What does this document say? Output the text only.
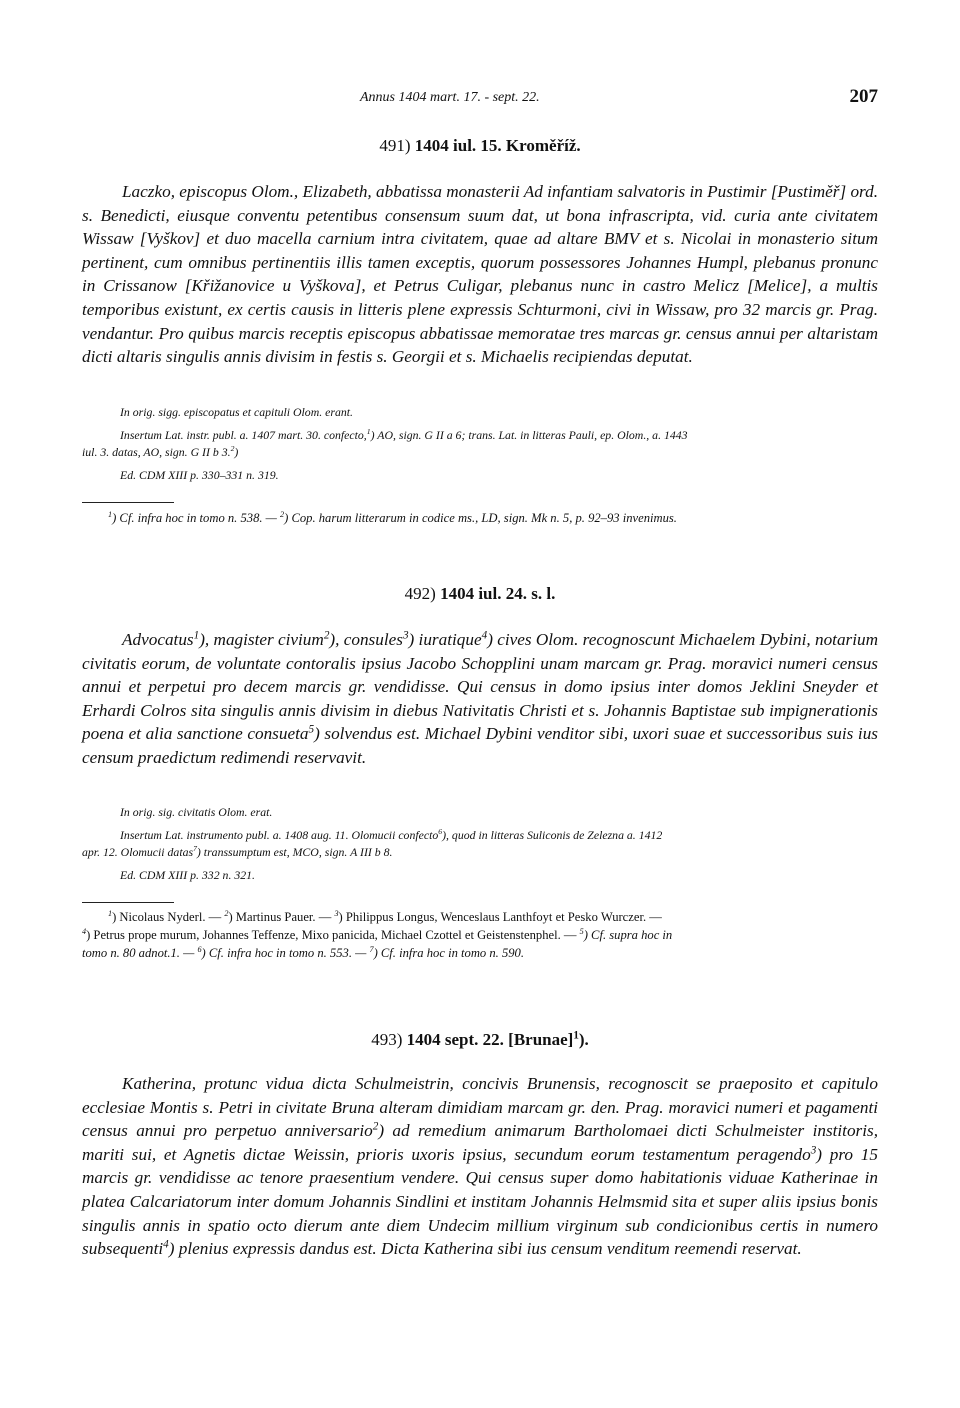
Annus 1404 mart. 17. - sept. 22.	207
491) 1404 iul. 15. Kroměříž.

Laczko, episcopus Olom., Elizabeth, abbatissa monasterii Ad infantiam salvatoris in Pustimir [Pustiměř] ord. s. Benedicti, eiusque conventu petentibus consensum suum dat, ut bona infrascripta, vid. curia ante civitatem Wissaw [Vyškov] et duo macella carnium intra civitatem, quae ad altare BMV et s. Nicolai in monasterio situm pertinent, cum omnibus pertinentiis illis tamen exceptis, quorum possessores Johannes Humpl, plebanus pronunc in Crissanow [Křižanovice u Vyškova], et Petrus Culigar, plebanus nunc in castro Melicz [Melice], a multis temporibus existunt, ex certis causis in litteris plene expressis Schturmoni, civi in Wissaw, pro 32 marcis gr. Prag. vendantur. Pro quibus marcis receptis episcopus abbatissae memoratae tres marcas gr. census annui per altaristam dicti altaris singulis annis divisim in festis s. Georgii et s. Michaelis recipiendas deputat.

In orig. sigg. episcopatus et capituli Olom. erant.

Insertum Lat. instr. publ. a. 1407 mart. 30. confecto,$^1$) AO, sign. G II a 6; trans. Lat. in litteras Pauli, ep. Olom., a. 1443
iul. 3. datas, AO, sign. G II b 3.$^2$)

Ed. CDM XIII p. 330–331 n. 319.

$^1$) Cf. infra hoc in tomo n. 538. — $^2$) Cop. harum litterarum in codice ms., LD, sign. Mk n. 5, p. 92–93 invenimus.

492) 1404 iul. 24. s. l.

Advocatus$^1$), magister civium$^2$), consules$^3$) iuratique$^4$) cives Olom. recognoscunt Michaelem Dybini, notarium civitatis eorum, de voluntate contoralis ipsius Jacobo Schopplini unam marcam gr. Prag. moravici numeri census annui et perpetui pro decem marcis gr. vendidisse. Qui census in domo ipsius inter domos Jeklini Sneyder et Erhardi Colros sita singulis annis divisim in diebus Nativitatis Christi et s. Johannis Baptistae sub impignerationis poena et alia sanctione consueta$^5$) solvendus est. Michael Dybini venditor sibi, uxori suae et successoribus suis ius censum praedictum redimendi reservavit.

In orig. sig. civitatis Olom. erat.

Insertum Lat. instrumento publ. a. 1408 aug. 11. Olomucii confecto$^6$), quod in litteras Suliconis de Zelezna a. 1412
apr. 12. Olomucii datas$^7$) transsumptum est, MCO, sign. A III b 8.

Ed. CDM XIII p. 332 n. 321.

$^1$) Nicolaus Nyderl. — $^2$) Martinus Pauer. — $^3$) Philippus Longus, Wenceslaus Lanthfoyt et Pesko Wurczer. —

$^4$) Petrus prope murum, Johannes Teffenze, Mixo panicida, Michael Czottel et Geistenstenphel. — $^5$) Cf. supra hoc in
tomo n. 80 adnot.1. — $^6$) Cf. infra hoc in tomo n. 553. — $^7$) Cf. infra hoc in tomo n. 590.

493) 1404 sept. 22. [Brunae]$^1$).

Katherina, protunc vidua dicta Schulmeistrin, concivis Brunensis, recognoscit se praeposito et capitulo ecclesiae Montis s. Petri in civitate Bruna alteram dimidiam marcam gr. den. Prag. moravici numeri et pagamenti census annui pro perpetuo anniversario$^2$) ad remedium animarum Bartholomaei dicti Schulmeister institoris, mariti sui, et Agnetis dictae Weissin, prioris uxoris ipsius, secundum eorum testamentum peragendo$^3$) pro 15 marcis gr. vendidisse ac tenore praesentium vendere. Qui census super domo habitationis viduae Katherinae in platea Calcariatorum inter domum Johannis Sindlini et institam Johannis Helmsmid sita et super aliis ipsius bonis singulis annis in spatio octo dierum ante diem Undecim millium virginum sub condicionibus certis in numero subsequenti$^4$) plenius expressis dandus est. Dicta Katherina sibi ius censum venditum reemendi reservat.
